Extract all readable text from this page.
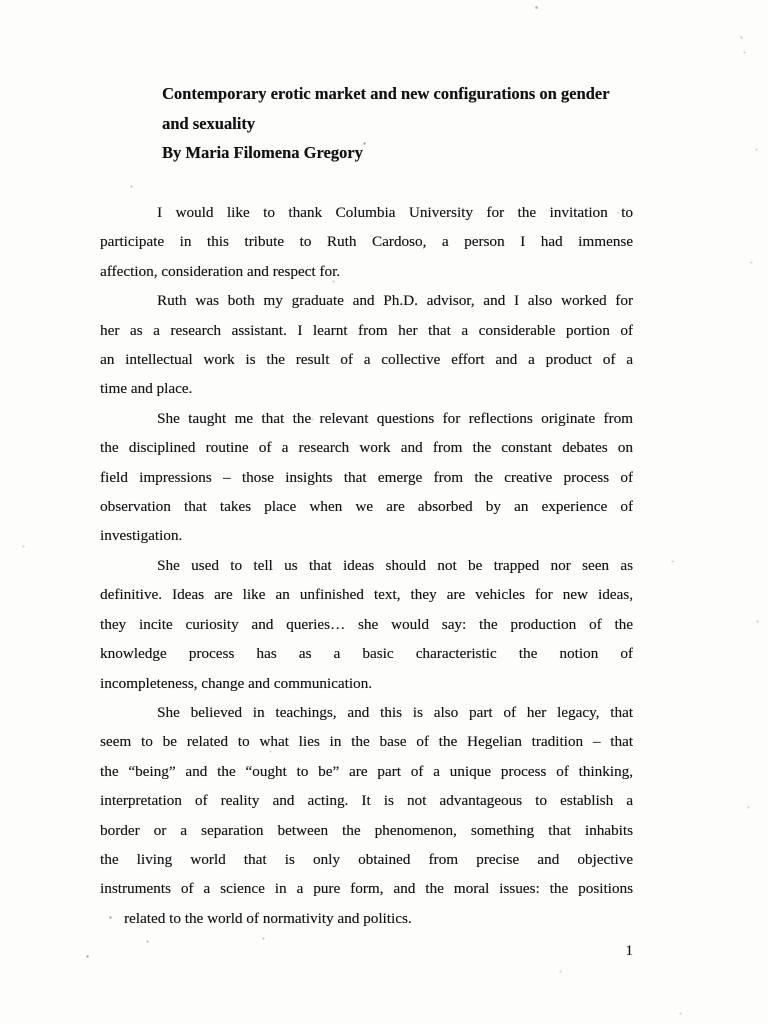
Contemporary erotic market and new configurations on gender
and sexuality
By Maria Filomena Gregory
I would like to thank Columbia University for the invitation to
participate in this tribute to Ruth Cardoso, a person I had immense
affection, consideration and respect for.
Ruth was both my graduate and Ph.D. advisor, and I also worked for
her as a research assistant. I learnt from her that a considerable portion of
an intellectual work is the result of a collective effort and a product of a
time and place.
She taught me that the relevant questions for reflections originate from
the disciplined routine of a research work and from the constant debates on
field impressions – those insights that emerge from the creative process of
observation that takes place when we are absorbed by an experience of
investigation.
She used to tell us that ideas should not be trapped nor seen as
definitive. Ideas are like an unfinished text, they are vehicles for new ideas,
they incite curiosity and queries… she would say: the production of the
knowledge process has as a basic characteristic the notion of
incompleteness, change and communication.
She believed in teachings, and this is also part of her legacy, that
seem to be related to what lies in the base of the Hegelian tradition – that
the “being” and the “ought to be” are part of a unique process of thinking,
interpretation of reality and acting. It is not advantageous to establish a
border or a separation between the phenomenon, something that inhabits
the living world that is only obtained from precise and objective
instruments of a science in a pure form, and the moral issues: the positions
related to the world of normativity and politics.
1
